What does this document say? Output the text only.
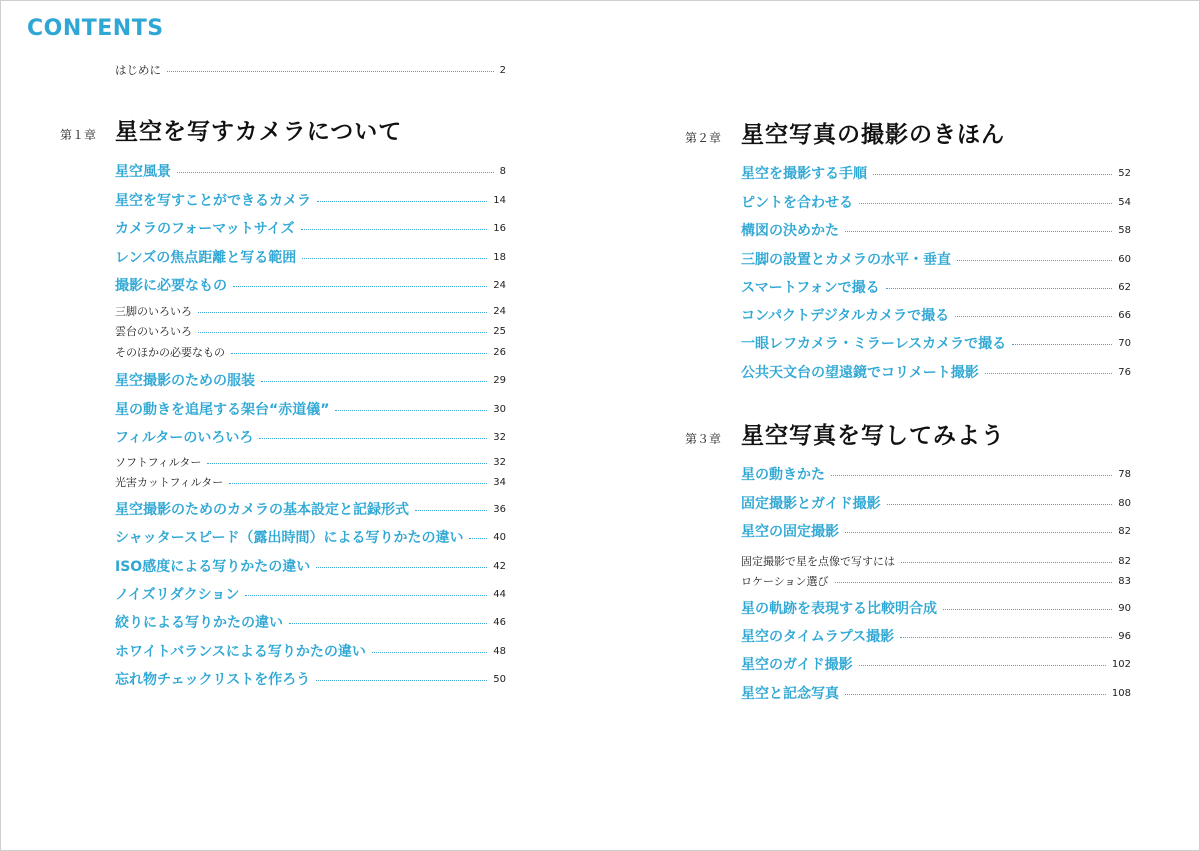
CONTENTS
はじめに	2
第１章 星空を写すカメラについて
星空風景	8
星空を写すことができるカメラ	14
カメラのフォーマットサイズ	16
レンズの焦点距離と写る範囲	18
撮影に必要なもの	24
三脚のいろいろ	24
雲台のいろいろ	25
そのほかの必要なもの	26
星空撮影のための服装	29
星の動きを追尾する架台“赤道儀”	30
フィルターのいろいろ	32
ソフトフィルター	32
光害カットフィルター	34
星空撮影のためのカメラの基本設定と記録形式	36
シャッタースピード（露出時間）による写りかたの違い	40
ISO感度による写りかたの違い	42
ノイズリダクション	44
絞りによる写りかたの違い	46
ホワイトバランスによる写りかたの違い	48
忘れ物チェックリストを作ろう	50
第２章 星空写真の撮影のきほん
星空を撮影する手順	52
ピントを合わせる	54
構図の決めかた	58
三脚の設置とカメラの水平・垂直	60
スマートフォンで撮る	62
コンパクトデジタルカメラで撮る	66
一眼レフカメラ・ミラーレスカメラで撮る	70
公共天文台の望遠鏡でコリメート撮影	76
第３章 星空写真を写してみよう
星の動きかた	78
固定撮影とガイド撮影	80
星空の固定撮影	82
固定撮影で星を点像で写すには	82
ロケーション選び	83
星の軌跡を表現する比較明合成	90
星空のタイムラプス撮影	96
星空のガイド撮影	102
星空と記念写真	108
